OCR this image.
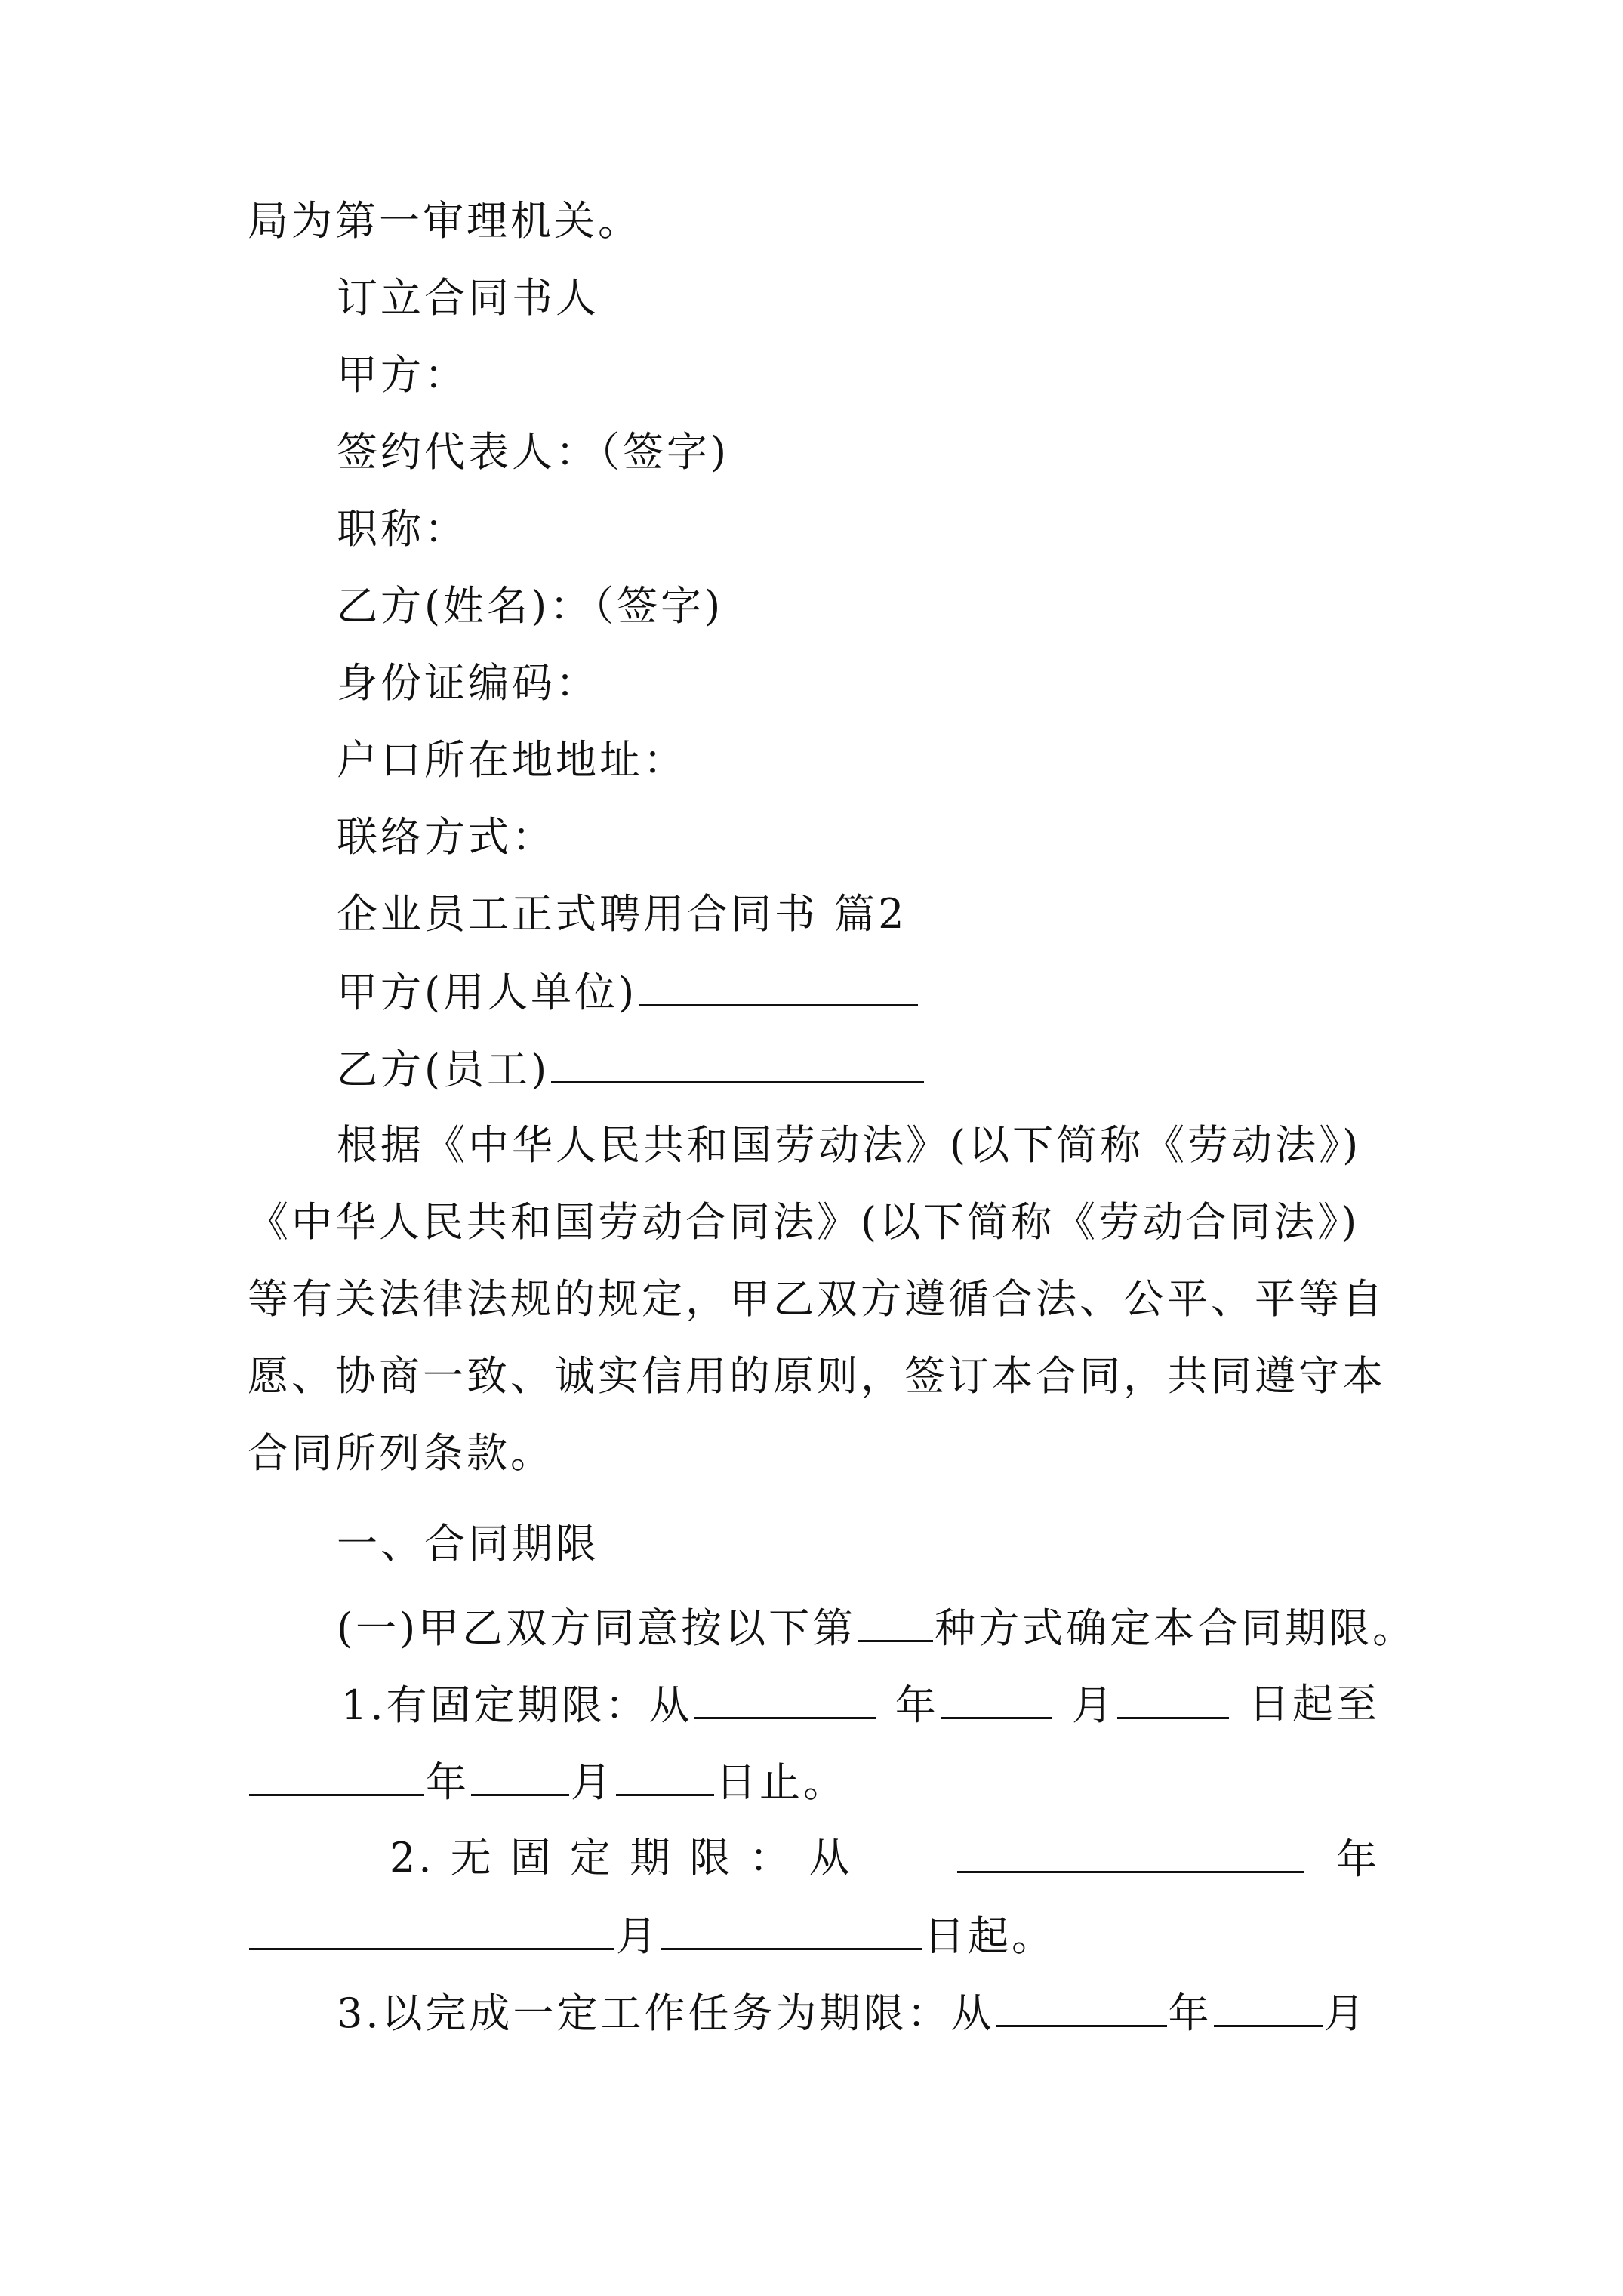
局为第一审理机关。
订立合同书人
甲方：
签约代表人：（签字)
职称：
乙方(姓名)：（签字)
身份证编码：
户口所在地地址：
联络方式：
企业员工正式聘用合同书 篇2
甲方(用人单位)
乙方(员工)
根据《中华人民共和国劳动法》(以下简称《劳动法》)
《中华人民共和国劳动合同法》(以下简称《劳动合同法》)
等有关法律法规的规定，甲乙双方遵循合法、公平、平等自
愿、协商一致、诚实信用的原则，签订本合同，共同遵守本
合同所列条款。
一、合同期限
(一)甲乙双方同意按以下第 种方式确定本合同期限。
1.有固定期限：从	年	月	日起至
年 月 日止。
2. 无 固 定 期 限 ： 从	年
月	日起。
3.以完成一定工作任务为期限：从	年	月
